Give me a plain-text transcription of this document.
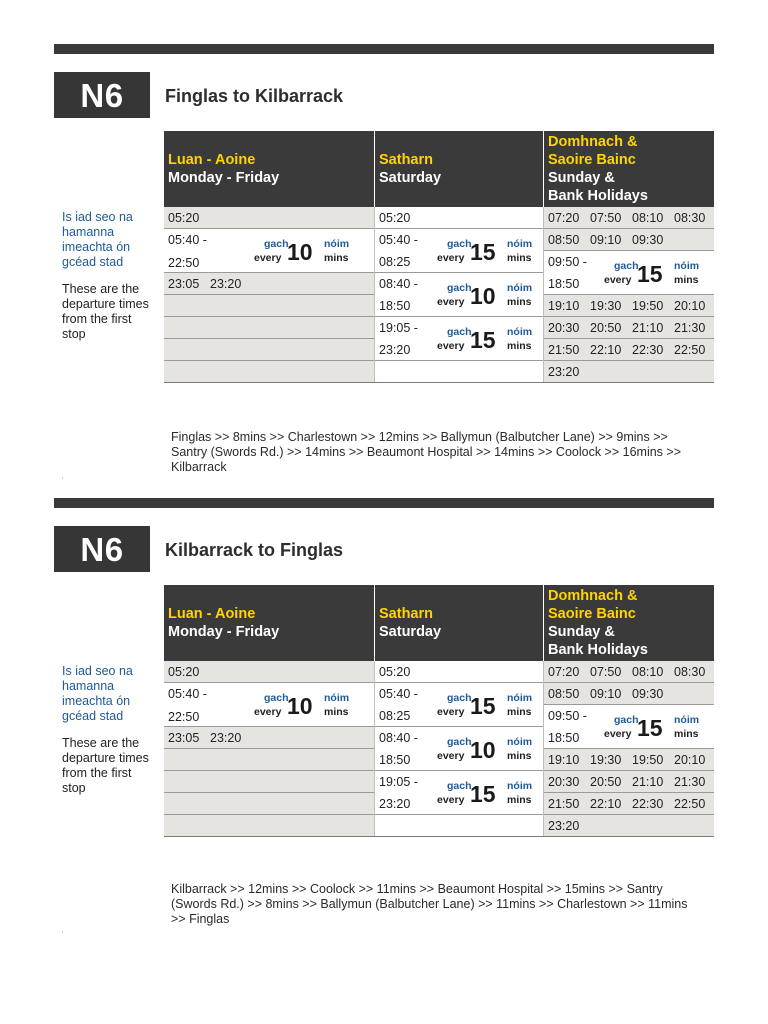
N6	Finglas to Kilbarrack
Is iad seo na hamanna imeachta ón gcéad stad
These are the departure times from the first stop
Luan - Aoine
Monday - Friday
Satharn
Saturday
Domhnach &
Saoire Bainc
Sunday &
Bank Holidays
05:20
05:40 -
22:50
gach
every 10 nóim
mins
23:05 23:20
05:20
05:40 -
08:25
gach
every 15 nóim
mins
08:40 -
18:50
gach
every 10 nóim
mins
19:05 -
23:20
gach
every 15 nóim
mins
07:20 07:50 08:10 08:30
08:50 09:10 09:30
09:50 -
18:50
gach
every 15 nóim
mins
19:10 19:30 19:50 20:10
20:30 20:50 21:10 21:30
21:50 22:10 22:30 22:50
23:20
Finglas >> 8mins >> Charlestown >> 12mins >> Ballymun (Balbutcher Lane) >> 9mins >> Santry (Swords Rd.) >> 14mins >> Beaumont Hospital >> 14mins >> Coolock >> 16mins >> Kilbarrack
'
N6	Kilbarrack to Finglas
Is iad seo na hamanna imeachta ón gcéad stad
These are the departure times from the first stop
Luan - Aoine
Monday - Friday
Satharn
Saturday
Domhnach &
Saoire Bainc
Sunday &
Bank Holidays
05:20
05:40 -
22:50
gach
every 10 nóim
mins
23:05 23:20
05:20
05:40 -
08:25
gach
every 15 nóim
mins
08:40 -
18:50
gach
every 10 nóim
mins
19:05 -
23:20
gach
every 15 nóim
mins
07:20 07:50 08:10 08:30
08:50 09:10 09:30
09:50 -
18:50
gach
every 15 nóim
mins
19:10 19:30 19:50 20:10
20:30 20:50 21:10 21:30
21:50 22:10 22:30 22:50
23:20
Kilbarrack >> 12mins >> Coolock >> 11mins >> Beaumont Hospital >> 15mins >> Santry (Swords Rd.) >> 8mins >> Ballymun (Balbutcher Lane) >> 11mins >> Charlestown >> 11mins >> Finglas
'
